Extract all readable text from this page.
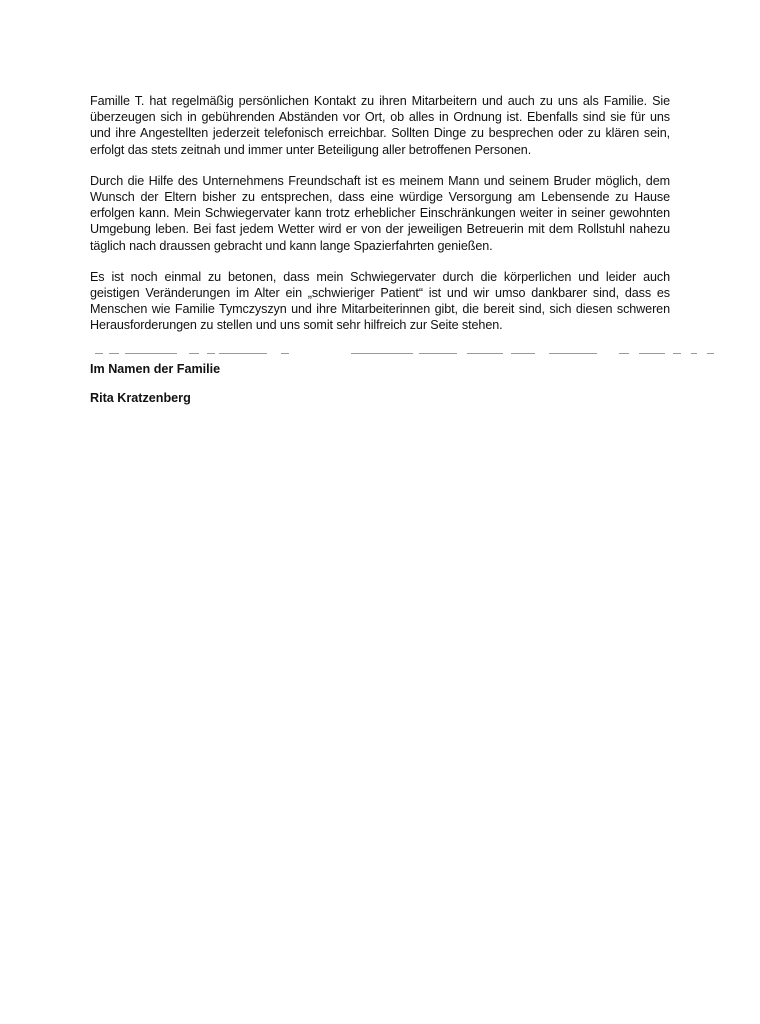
Famille T. hat regelmäßig persönlichen Kontakt zu ihren Mitarbeitern und auch zu uns als Familie. Sie überzeugen sich in gebührenden Abständen vor Ort, ob alles in Ordnung ist. Ebenfalls sind sie für uns und ihre Angestellten jederzeit telefonisch erreichbar. Sollten Dinge zu besprechen oder zu klären sein, erfolgt das stets zeitnah und immer unter Beteiligung aller betroffenen Personen.

Durch die Hilfe des Unternehmens Freundschaft ist es meinem Mann und seinem Bruder möglich, dem Wunsch der Eltern bisher zu entsprechen, dass eine würdige Versorgung am Lebensende zu Hause erfolgen kann. Mein Schwiegervater kann trotz erheblicher Einschränkungen weiter in seiner gewohnten Umgebung leben. Bei fast jedem Wetter wird er von der jeweiligen Betreuerin mit dem Rollstuhl nahezu täglich nach draussen gebracht und kann lange Spazierfahrten genießen.

Es ist noch einmal zu betonen, dass mein Schwiegervater durch die körperlichen und leider auch geistigen Veränderungen im Alter ein „schwieriger Patient“ ist und wir umso dankbarer sind, dass es Menschen wie Familie Tymczyszyn und ihre Mitarbeiterinnen gibt, die bereit sind, sich diesen schweren Herausforderungen zu stellen und uns somit sehr hilfreich zur Seite stehen.

Im Namen der Familie

Rita Kratzenberg
